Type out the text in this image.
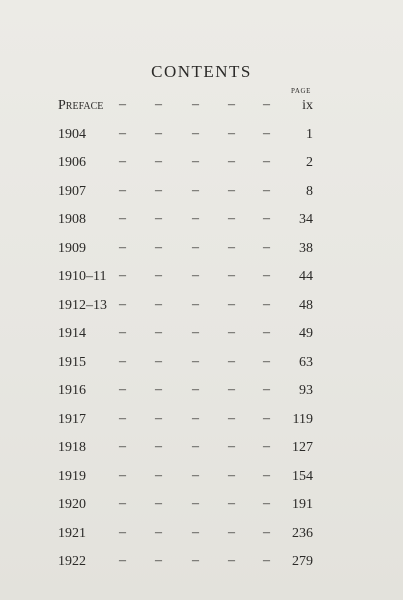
CONTENTS
PAGE
Preface – – – – – ix
1904 – – – – –	1
1906 – – – – –	2
1907 – – – – –	8
1908 – – – – – 34
1909 – – – – – 38
1910–11 – – – – – 44
1912–13 – – – – – 48
1914 – – – – – 49
1915 – – – – – 63
1916 – – – – – 93
1917 – – – – – 119
1918 – – – – – 127
1919 – – – – – 154
1920 – – – – – 191
1921 – – – – – 236
1922 – – – – – 279
